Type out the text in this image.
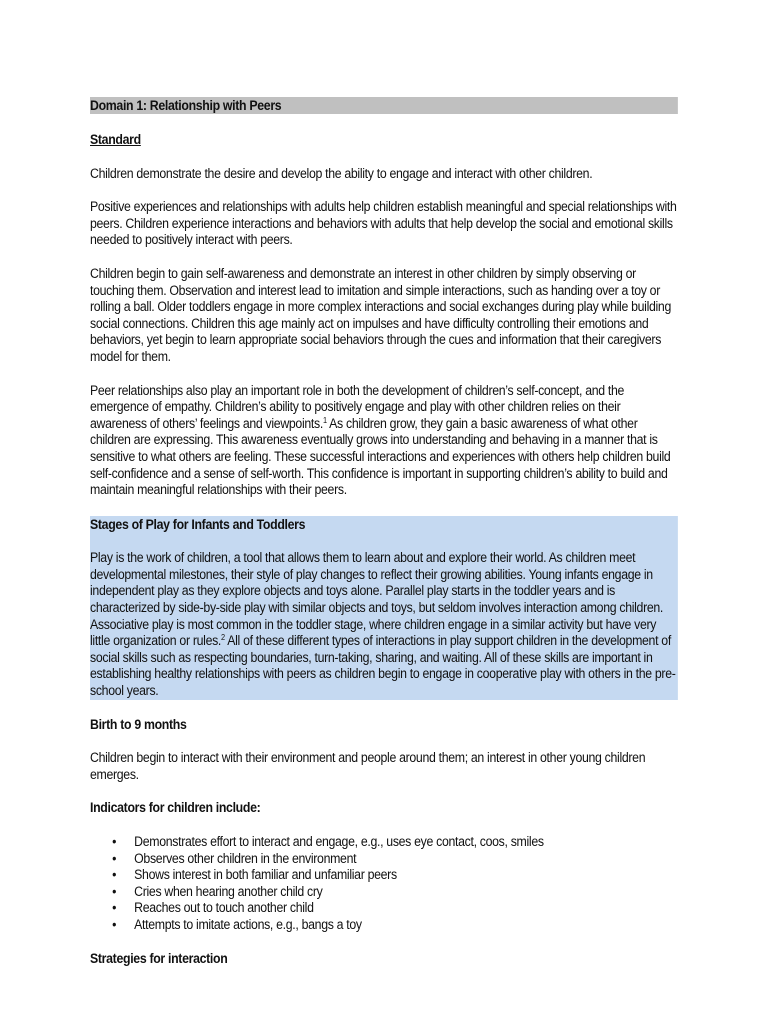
Domain 1: Relationship with Peers
Standard

Children demonstrate the desire and develop the ability to engage and interact with other children.

Positive experiences and relationships with adults help children establish meaningful and special relationships with peers. Children experience interactions and behaviors with adults that help develop the social and emotional skills needed to positively interact with peers.

Children begin to gain self-awareness and demonstrate an interest in other children by simply observing or touching them. Observation and interest lead to imitation and simple interactions, such as handing over a toy or rolling a ball. Older toddlers engage in more complex interactions and social exchanges during play while building social connections. Children this age mainly act on impulses and have difficulty controlling their emotions and behaviors, yet begin to learn appropriate social behaviors through the cues and information that their caregivers model for them.

Peer relationships also play an important role in both the development of children’s self-concept, and the emergence of empathy. Children’s ability to positively engage and play with other children relies on their awareness of others’ feelings and viewpoints.$^1$ As children grow, they gain a basic awareness of what other children are expressing. This awareness eventually grows into understanding and behaving in a manner that is sensitive to what others are feeling. These successful interactions and experiences with others help children build self-confidence and a sense of self-worth. This confidence is important in supporting children’s ability to build and maintain meaningful relationships with their peers.

Stages of Play for Infants and Toddlers

Play is the work of children, a tool that allows them to learn about and explore their world. As children meet developmental milestones, their style of play changes to reflect their growing abilities. Young infants engage in independent play as they explore objects and toys alone. Parallel play starts in the toddler years and is characterized by side-by-side play with similar objects and toys, but seldom involves interaction among children. Associative play is most common in the toddler stage, where children engage in a similar activity but have very little organization or rules.$^2$ All of these different types of interactions in play support children in the development of social skills such as respecting boundaries, turn-taking, sharing, and waiting. All of these skills are important in establishing healthy relationships with peers as children begin to engage in cooperative play with others in the pre-school years.

Birth to 9 months

Children begin to interact with their environment and people around them; an interest in other young children emerges.

Indicators for children include:
• Demonstrates effort to interact and engage, e.g., uses eye contact, coos, smiles
• Observes other children in the environment
• Shows interest in both familiar and unfamiliar peers
• Cries when hearing another child cry
• Reaches out to touch another child
• Attempts to imitate actions, e.g., bangs a toy
Strategies for interaction
